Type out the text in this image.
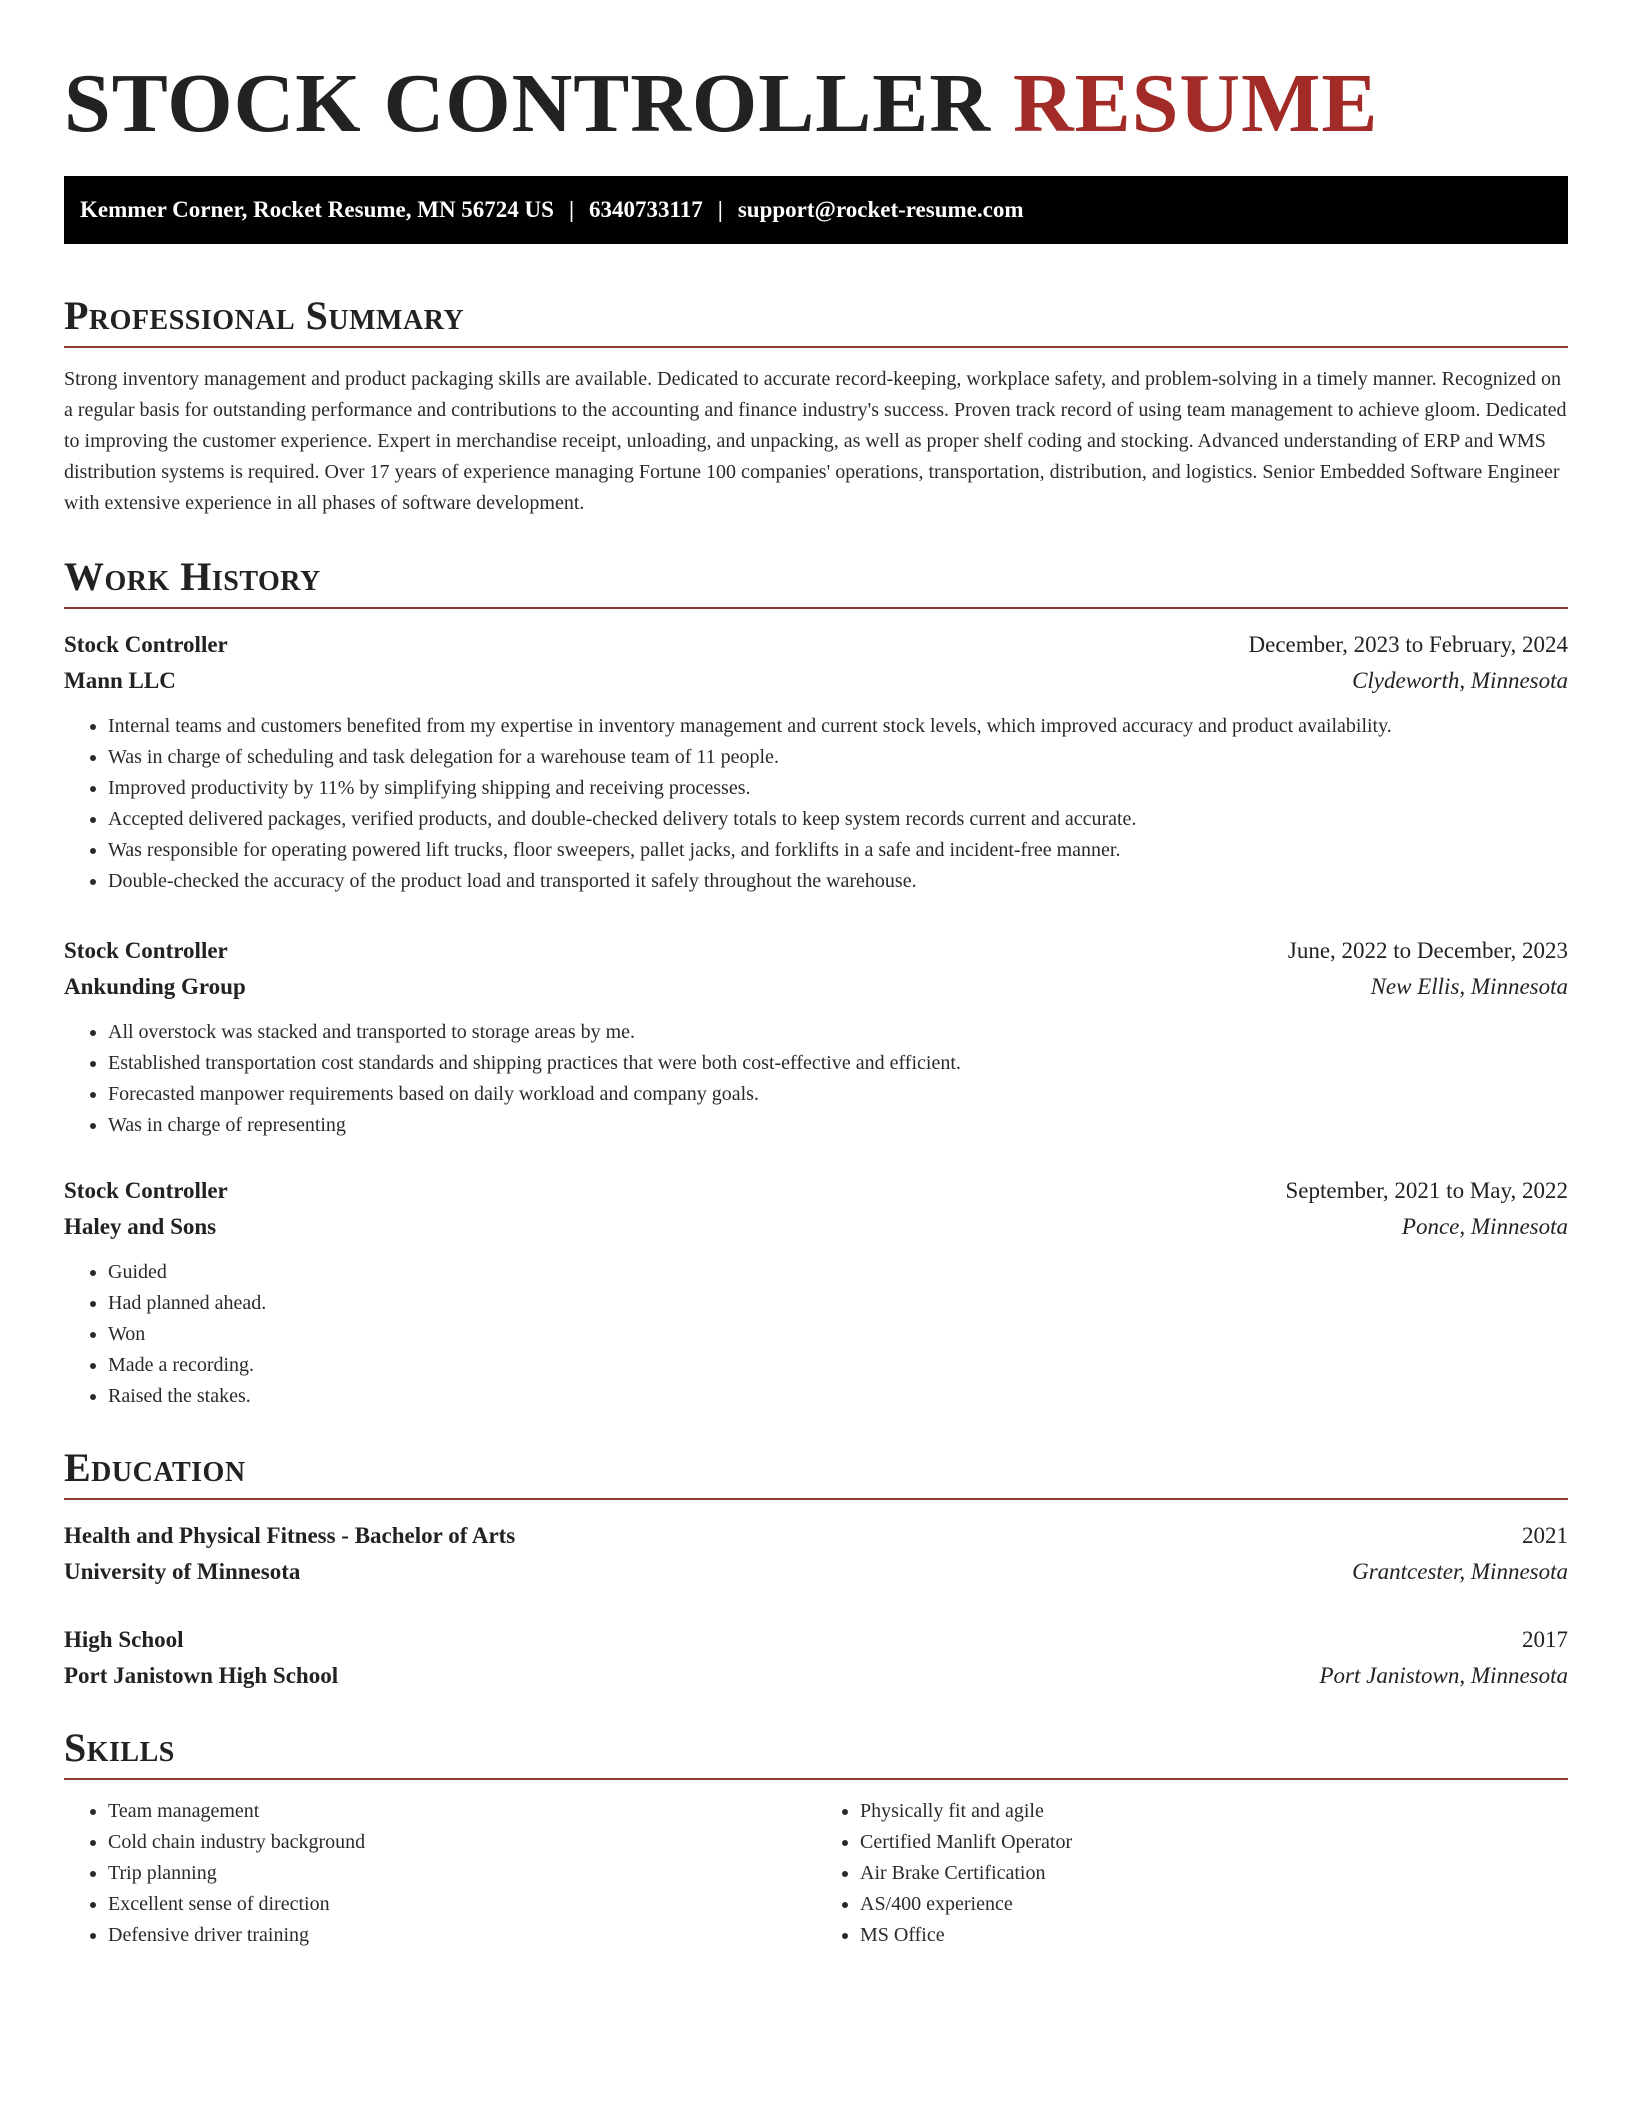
STOCK CONTROLLER RESUME
Kemmer Corner, Rocket Resume, MN 56724 US | 6340733117 | support@rocket-resume.com
Professional Summary

Strong inventory management and product packaging skills are available. Dedicated to accurate record-keeping, workplace safety, and problem-solving in a timely manner. Recognized on a regular basis for outstanding performance and contributions to the accounting and finance industry's success. Proven track record of using team management to achieve gloom. Dedicated to improving the customer experience. Expert in merchandise receipt, unloading, and unpacking, as well as proper shelf coding and stocking. Advanced understanding of ERP and WMS distribution systems is required. Over 17 years of experience managing Fortune 100 companies' operations, transportation, distribution, and logistics. Senior Embedded Software Engineer with extensive experience in all phases of software development.

Work History
Stock Controller	December, 2023 to February, 2024
Mann LLC	Clydeworth, Minnesota
• Internal teams and customers benefited from my expertise in inventory management and current stock levels, which improved accuracy and product availability.
• Was in charge of scheduling and task delegation for a warehouse team of 11 people.
• Improved productivity by 11% by simplifying shipping and receiving processes.
• Accepted delivered packages, verified products, and double-checked delivery totals to keep system records current and accurate.
• Was responsible for operating powered lift trucks, floor sweepers, pallet jacks, and forklifts in a safe and incident-free manner.
• Double-checked the accuracy of the product load and transported it safely throughout the warehouse.
Stock Controller	June, 2022 to December, 2023
Ankunding Group	New Ellis, Minnesota
• All overstock was stacked and transported to storage areas by me.
• Established transportation cost standards and shipping practices that were both cost-effective and efficient.
• Forecasted manpower requirements based on daily workload and company goals.
• Was in charge of representing
Stock Controller	September, 2021 to May, 2022
Haley and Sons	Ponce, Minnesota
• Guided
• Had planned ahead.
• Won
• Made a recording.
• Raised the stakes.
Education
Health and Physical Fitness - Bachelor of Arts	2021
University of Minnesota	Grantcester, Minnesota
High School	2017
Port Janistown High School	Port Janistown, Minnesota
Skills
• Team management
• Cold chain industry background
• Trip planning
• Excellent sense of direction
• Defensive driver training
• Physically fit and agile
• Certified Manlift Operator
• Air Brake Certification
• AS/400 experience
• MS Office
